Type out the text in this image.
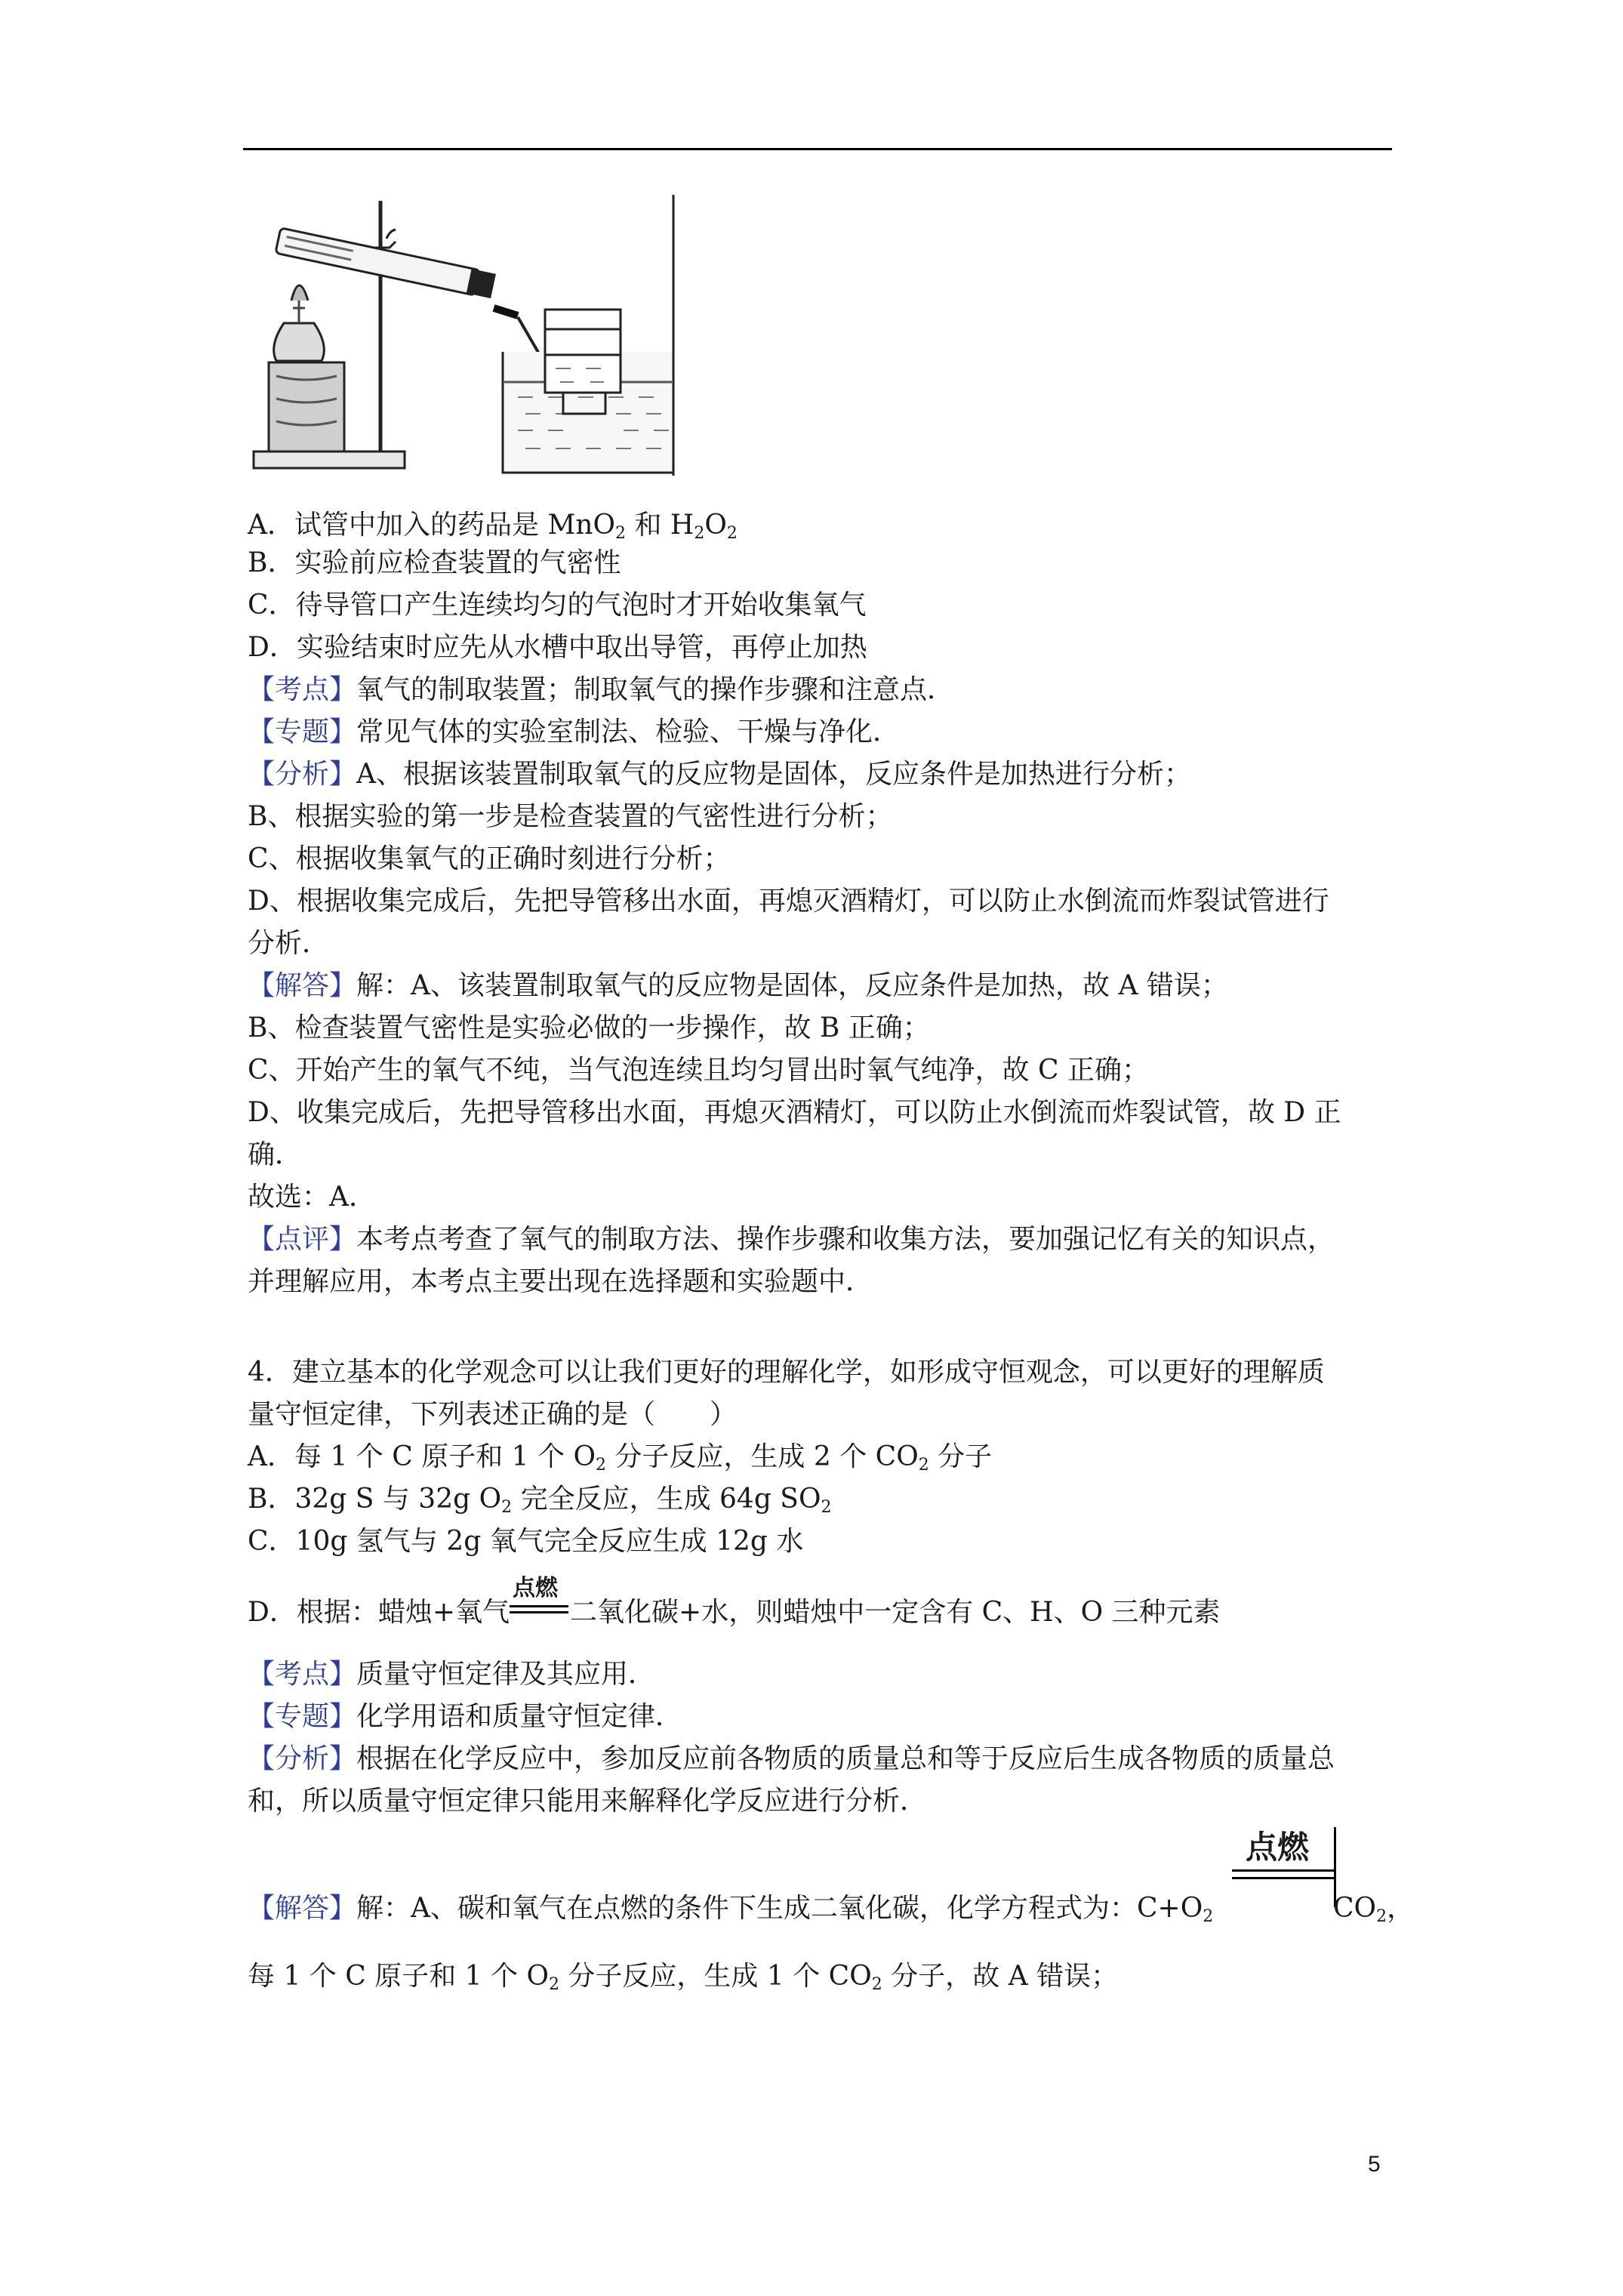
A．试管中加入的药品是 MnO$_2$ 和 $H_2O_2$
B．实验前应检查装置的气密性
C．待导管口产生连续均匀的气泡时才开始收集氧气
D．实验结束时应先从水槽中取出导管，再停止加热
【考点】氧气的制取装置；制取氧气的操作步骤和注意点．
【专题】常见气体的实验室制法、检验、干燥与净化．
【分析】A、根据该装置制取氧气的反应物是固体，反应条件是加热进行分析；
B、根据实验的第一步是检查装置的气密性进行分析；
C、根据收集氧气的正确时刻进行分析；
D、根据收集完成后，先把导管移出水面，再熄灭酒精灯，可以防止水倒流而炸裂试管进行
分析．
【解答】解：A、该装置制取氧气的反应物是固体，反应条件是加热，故 A 错误；
B、检查装置气密性是实验必做的一步操作，故 B 正确；
C、开始产生的氧气不纯，当气泡连续且均匀冒出时氧气纯净，故 C 正确；
D、收集完成后，先把导管移出水面，再熄灭酒精灯，可以防止水倒流而炸裂试管，故 D 正
确．
故选：A．
【点评】本考点考查了氧气的制取方法、操作步骤和收集方法，要加强记忆有关的知识点，
并理解应用，本考点主要出现在选择题和实验题中．
4．建立基本的化学观念可以让我们更好的理解化学，如形成守恒观念，可以更好的理解质
量守恒定律，下列表述正确的是（　　）
A．每 1 个 C 原子和 1 个 $O_2$ 分子反应，生成 2 个 $CO_2$ 分子
B．32g S 与 32g $O_2$ 完全反应，生成 64g $SO_2$
C．10g 氢气与 2g 氧气完全反应生成 12g 水
D．根据：蜡烛+氧气
点燃
二氧化碳+水，则蜡烛中一定含有 C、H、O 三种元素
【考点】质量守恒定律及其应用．
【专题】化学用语和质量守恒定律．
【分析】根据在化学反应中，参加反应前各物质的质量总和等于反应后生成各物质的质量总
和，所以质量守恒定律只能用来解释化学反应进行分析．
点燃
【解答】解：A、碳和氧气在点燃的条件下生成二氧化碳，化学方程式为：$C+O_2$	$CO_2$，
每 1 个 C 原子和 1 个 $O_2$ 分子反应，生成 1 个 $CO_2$ 分子，故 A 错误；
5
